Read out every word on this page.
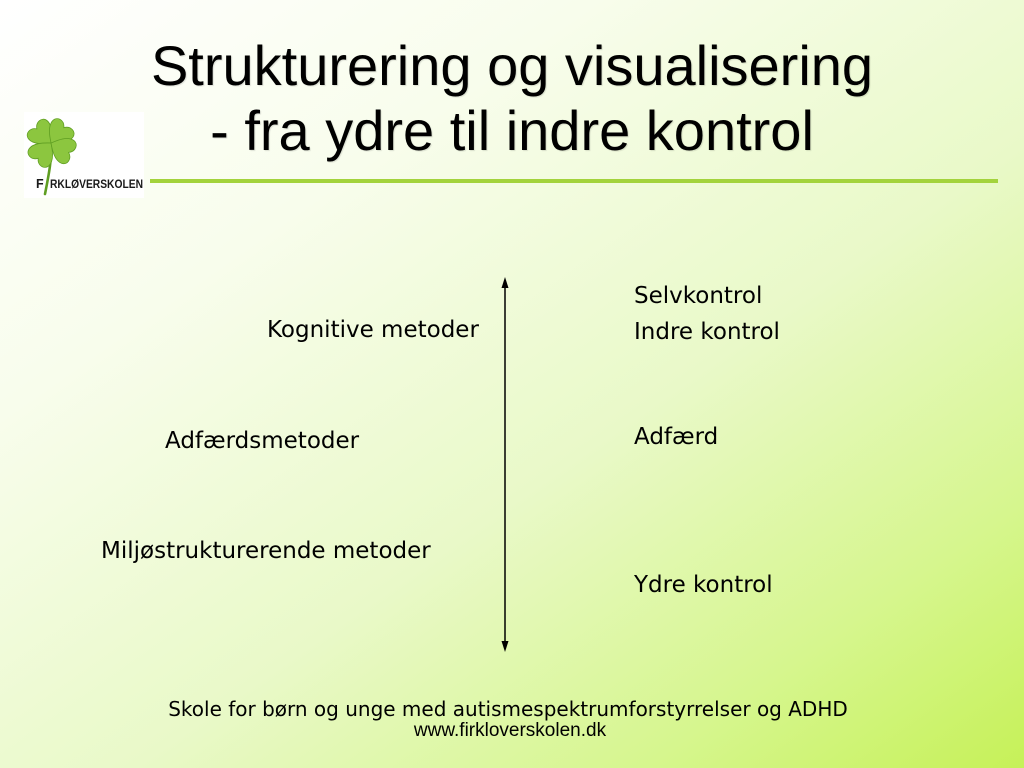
Strukturering og visualisering
- fra ydre til indre kontrol
F RKLØVERSKOLEN
Kognitive metoder
Adfærdsmetoder
Miljøstrukturerende metoder
Selvkontrol
Indre kontrol
Adfærd
Ydre kontrol
Skole for børn og unge med autismespektrumforstyrrelser og ADHD
www.firkloverskolen.dk
